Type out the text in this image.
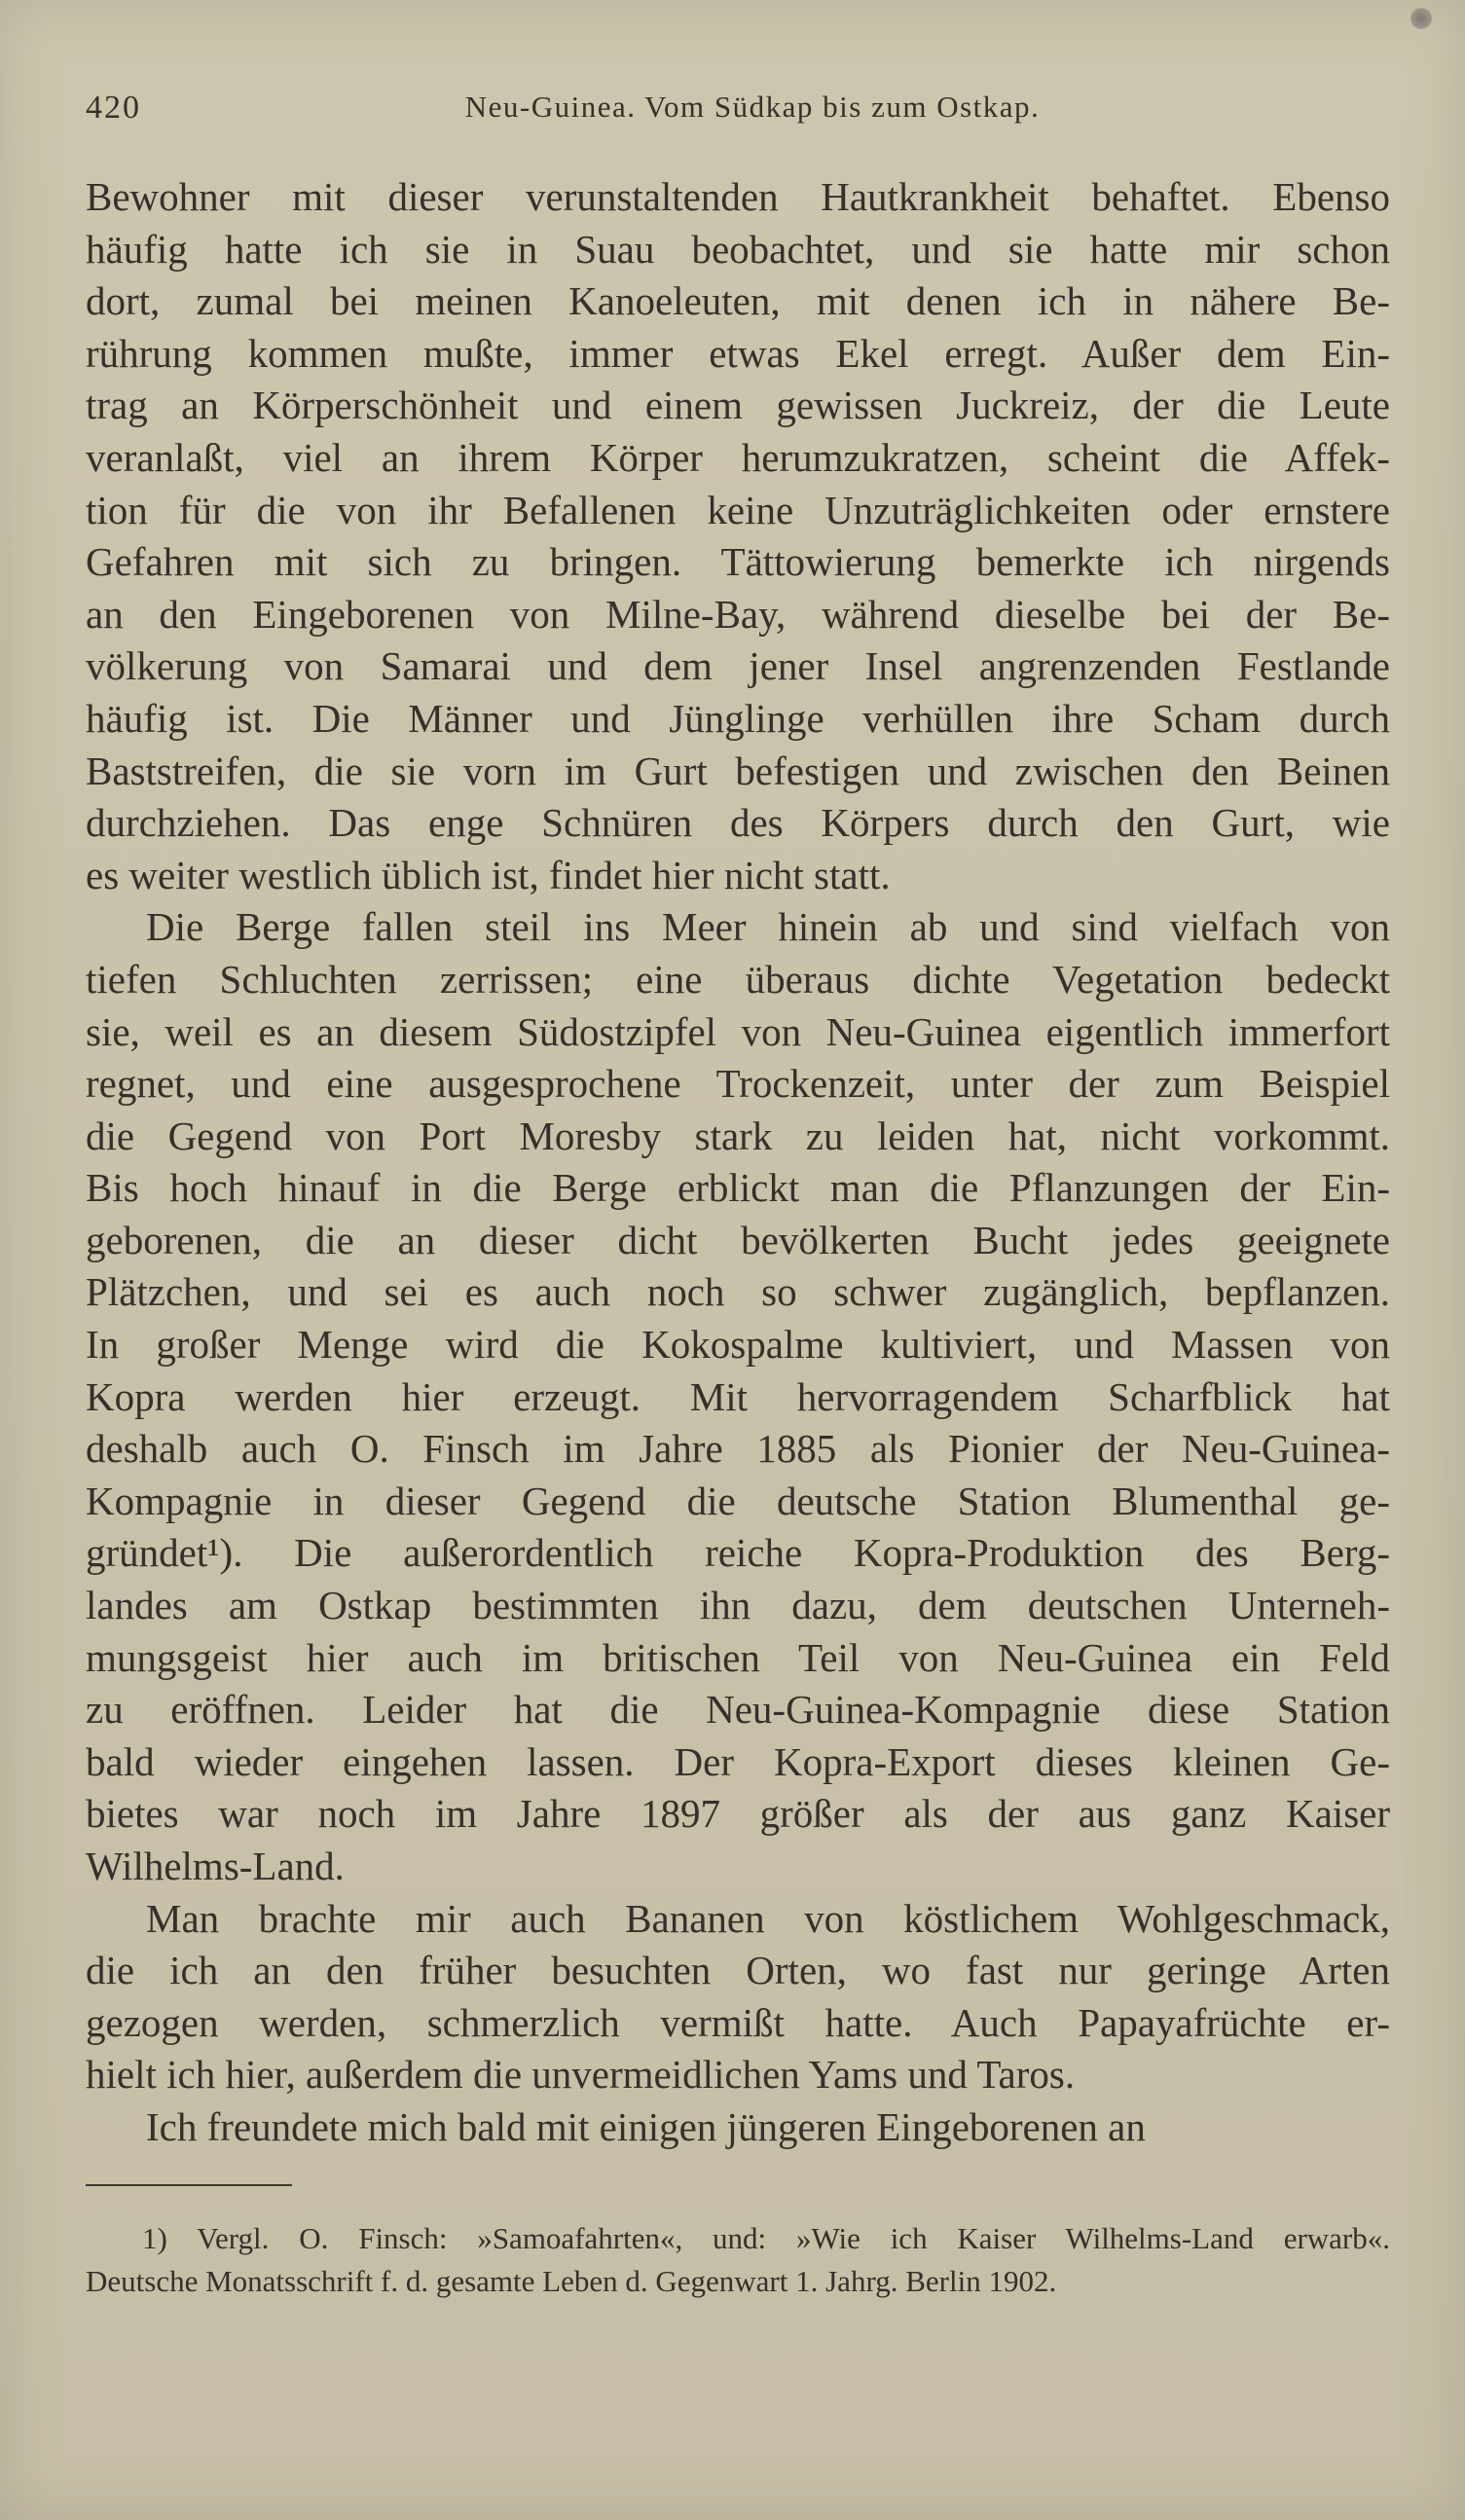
420	Neu-Guinea. Vom Südkap bis zum Ostkap.
Bewohner mit dieser verunstaltenden Hautkrankheit behaftet. Ebenso
häufig hatte ich sie in Suau beobachtet, und sie hatte mir schon
dort, zumal bei meinen Kanoeleuten, mit denen ich in nähere Be-
rührung kommen mußte, immer etwas Ekel erregt. Außer dem Ein-
trag an Körperschönheit und einem gewissen Juckreiz, der die Leute
veranlaßt, viel an ihrem Körper herumzukratzen, scheint die Affek-
tion für die von ihr Befallenen keine Unzuträglichkeiten oder ernstere
Gefahren mit sich zu bringen. Tättowierung bemerkte ich nirgends
an den Eingeborenen von Milne-Bay, während dieselbe bei der Be-
völkerung von Samarai und dem jener Insel angrenzenden Festlande
häufig ist. Die Männer und Jünglinge verhüllen ihre Scham durch
Baststreifen, die sie vorn im Gurt befestigen und zwischen den Beinen
durchziehen. Das enge Schnüren des Körpers durch den Gurt, wie
es weiter westlich üblich ist, findet hier nicht statt.
Die Berge fallen steil ins Meer hinein ab und sind vielfach von
tiefen Schluchten zerrissen; eine überaus dichte Vegetation bedeckt
sie, weil es an diesem Südostzipfel von Neu-Guinea eigentlich immerfort
regnet, und eine ausgesprochene Trockenzeit, unter der zum Beispiel
die Gegend von Port Moresby stark zu leiden hat, nicht vorkommt.
Bis hoch hinauf in die Berge erblickt man die Pflanzungen der Ein-
geborenen, die an dieser dicht bevölkerten Bucht jedes geeignete
Plätzchen, und sei es auch noch so schwer zugänglich, bepflanzen.
In großer Menge wird die Kokospalme kultiviert, und Massen von
Kopra werden hier erzeugt. Mit hervorragendem Scharfblick hat
deshalb auch O. Finsch im Jahre 1885 als Pionier der Neu-Guinea-
Kompagnie in dieser Gegend die deutsche Station Blumenthal ge-
gründet¹). Die außerordentlich reiche Kopra-Produktion des Berg-
landes am Ostkap bestimmten ihn dazu, dem deutschen Unterneh-
mungsgeist hier auch im britischen Teil von Neu-Guinea ein Feld
zu eröffnen. Leider hat die Neu-Guinea-Kompagnie diese Station
bald wieder eingehen lassen. Der Kopra-Export dieses kleinen Ge-
bietes war noch im Jahre 1897 größer als der aus ganz Kaiser
Wilhelms-Land.
Man brachte mir auch Bananen von köstlichem Wohlgeschmack,
die ich an den früher besuchten Orten, wo fast nur geringe Arten
gezogen werden, schmerzlich vermißt hatte. Auch Papayafrüchte er-
hielt ich hier, außerdem die unvermeidlichen Yams und Taros.
Ich freundete mich bald mit einigen jüngeren Eingeborenen an
1) Vergl. O. Finsch: »Samoafahrten«, und: »Wie ich Kaiser Wilhelms-Land erwarb«.
Deutsche Monatsschrift f. d. gesamte Leben d. Gegenwart 1. Jahrg. Berlin 1902.
